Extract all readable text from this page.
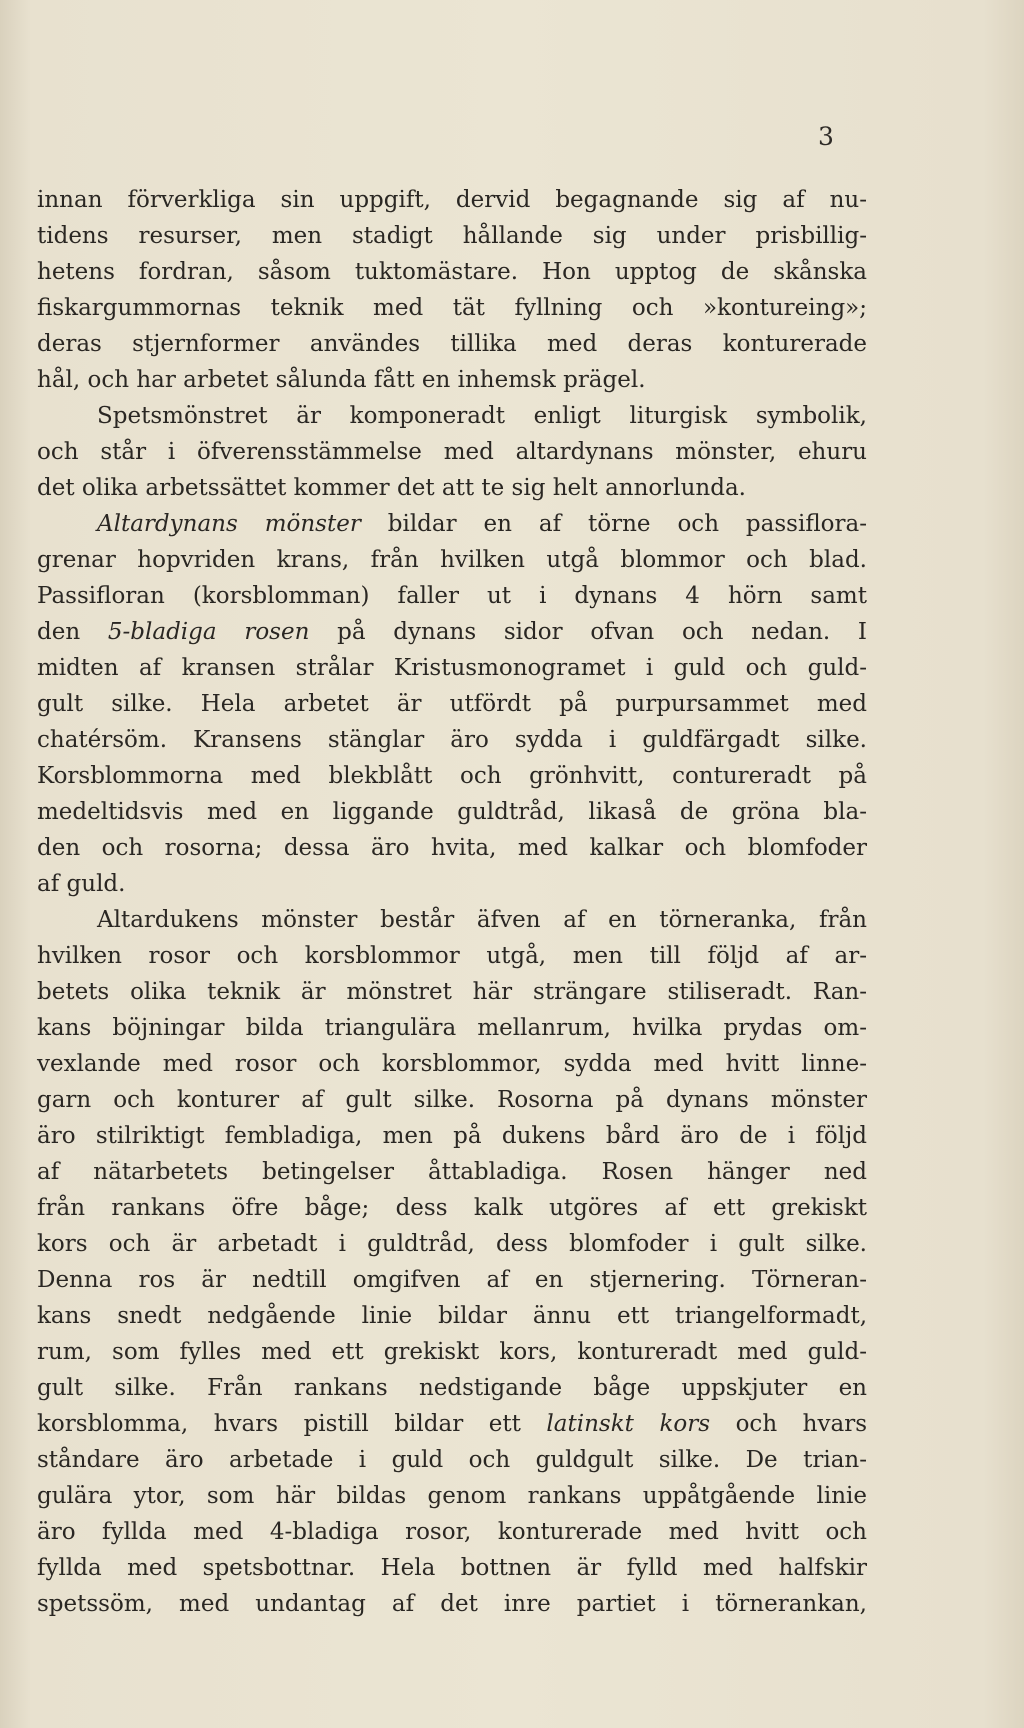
3
innan förverkliga sin uppgift, dervid begagnande sig af nu-
tidens resurser, men stadigt hållande sig under prisbillig-
hetens fordran, såsom tuktomästare. Hon upptog de skånska
fiskargummornas teknik med tät fyllning och »kontureing»;
deras stjernformer användes tillika med deras konturerade
hål, och har arbetet sålunda fått en inhemsk prägel.
Spetsmönstret är komponeradt enligt liturgisk symbolik,
och står i öfverensstämmelse med altardynans mönster, ehuru
det olika arbetssättet kommer det att te sig helt annorlunda.
Altardynans mönster bildar en af törne och passiflora-
grenar hopvriden krans, från hvilken utgå blommor och blad.
Passifloran (korsblomman) faller ut i dynans 4 hörn samt
den 5-bladiga rosen på dynans sidor ofvan och nedan. I
midten af kransen strålar Kristusmonogramet i guld och guld-
gult silke. Hela arbetet är utfördt på purpursammet med
chatérsöm. Kransens stänglar äro sydda i guldfärgadt silke.
Korsblommorna med blekblått och grönhvitt, conturеradt på
medeltidsvis med en liggande guldtråd, likaså de gröna bla-
den och rosorna; dessa äro hvita, med kalkar och blomfoder
af guld.
Altardukens mönster består äfven af en törneranka, från
hvilken rosor och korsblommor utgå, men till följd af ar-
betets olika teknik är mönstret här strängare stiliseradt. Ran-
kans böjningar bilda triangulära mellanrum, hvilka prydas om-
vexlande med rosor och korsblommor, sydda med hvitt linne-
garn och konturer af gult silke. Rosorna på dynans mönster
äro stilriktigt fembladiga, men på dukens bård äro de i följd
af nätarbetets betingelser åttabladiga. Rosen hänger ned
från rankans öfre båge; dess kalk utgöres af ett grekiskt
kors och är arbetadt i guldtråd, dess blomfoder i gult silke.
Denna ros är nedtill omgifven af en stjernering. Törneran-
kans snedt nedgående linie bildar ännu ett triangelformadt,
rum, som fylles med ett grekiskt kors, konturеradt med guld-
gult silke. Från rankans nedstigande båge uppskjuter en
korsblomma, hvars pistill bildar ett latinskt kors och hvars
ståndare äro arbetade i guld och guldgult silke. De trian-
gulära ytor, som här bildas genom rankans uppåtgående linie
äro fyllda med 4-bladiga rosor, konturerade med hvitt och
fyllda med spetsbottnar. Hela bottnen är fylld med halfskir
spetssöm, med undantag af det inre partiet i törnerankan,
